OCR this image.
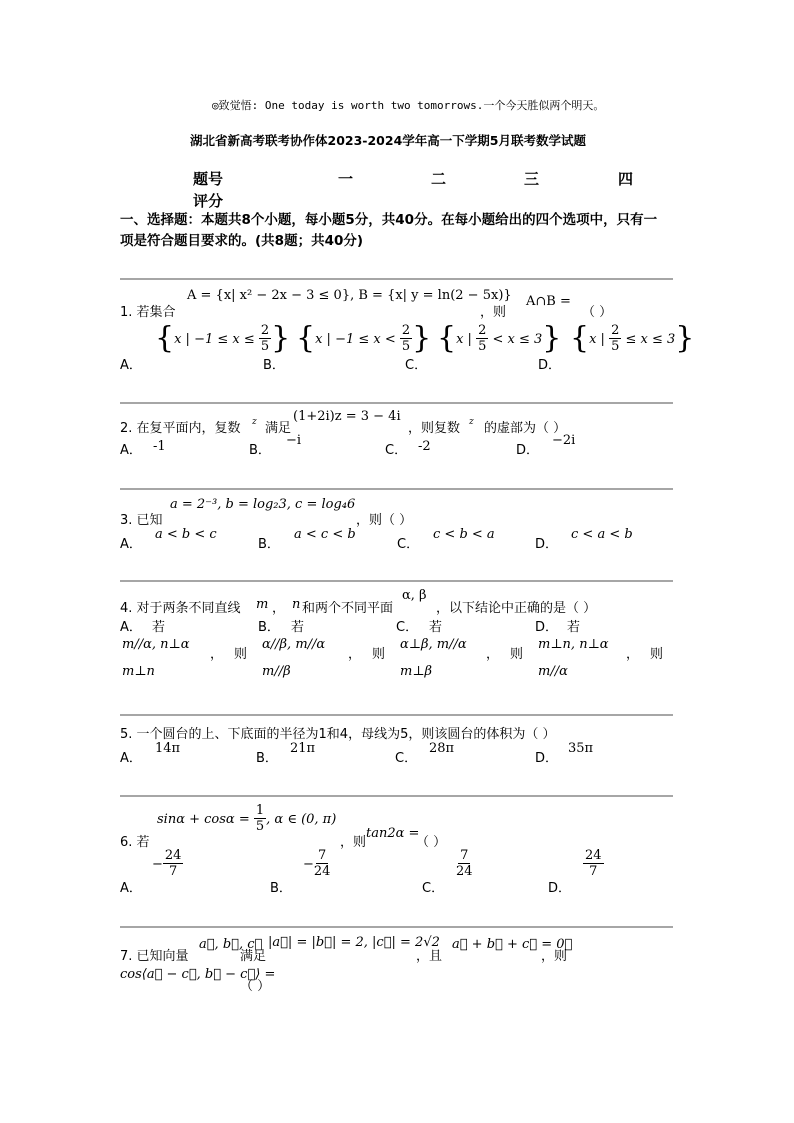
◎致觉悟: One today is worth two tomorrows.一个今天胜似两个明天。
湖北省新高考联考协作体2023-2024学年高一下学期5月联考数学试题
题号	一	二	三	四
评分
一、选择题：本题共8个小题，每小题5分，共40分。在每小题给出的四个选项中，只有一项是符合题目要求的。(共8题；共40分)
1. 若集合
A = {x| x² − 2x − 3 ≤ 0}, B = {x| y = ln(2 − 5x)}
，则
A∩B =
（ ）
A．
{x | $-1 \le x \le \frac{2}{5}$ }
B．
{x | $-1 \le x < \frac{2}{5}$ }
C．
{x | $\frac{2}{5} < x \le 3$}
D．
{x | $\frac{2}{5} \le x \le 3$}
2. 在复平面内，复数 z 满足
(1+2i)z = 3 − 4i
，则复数 z 的虚部为（ ）
A． -1	B．
−i
C． -2	D．
−2i
3. 已知
a = 2⁻³, b = log₂3, c = log₄6
，则（ ）
A．
a < b < c
B．
a < c < b
C．
c < b < a
D．
c < a < b
4. 对于两条不同直线 m ， n 和两个不同平面
α, β
，以下结论中正确的是（ ）
A． 若
m//α, n⊥α
， 则
m⊥n
B． 若
α//β, m//α
， 则
m//β
C． 若
α⊥β, m//α
， 则
m⊥β
D． 若
m⊥n, n⊥α
， 则
m//α
5. 一个圆台的上、下底面的半径为1和4，母线为5，则该圆台的体积为（ ）
A．
14π
B．
21π
C．
28π
D．
35π
6. 若
$\sin\alpha + \cos\alpha = \frac{1}{5}$ , α ∈ (0, π)
，则
tan2α =
（ ）
A．
− $\frac{24}{7}$
B．
− $\frac{7}{24}$
C．
$\frac{7}{24}$
D．
$\frac{24}{7}$
7. 已知向量
a⃗, b⃗, c⃗
满足
|a⃗| = |b⃗| = 2, |c⃗| = 2√2
，且
a⃗ + b⃗ + c⃗ = 0⃗
，则
cos⟨a⃗ − c⃗, b⃗ − c⃗⟩ =
（ ）
